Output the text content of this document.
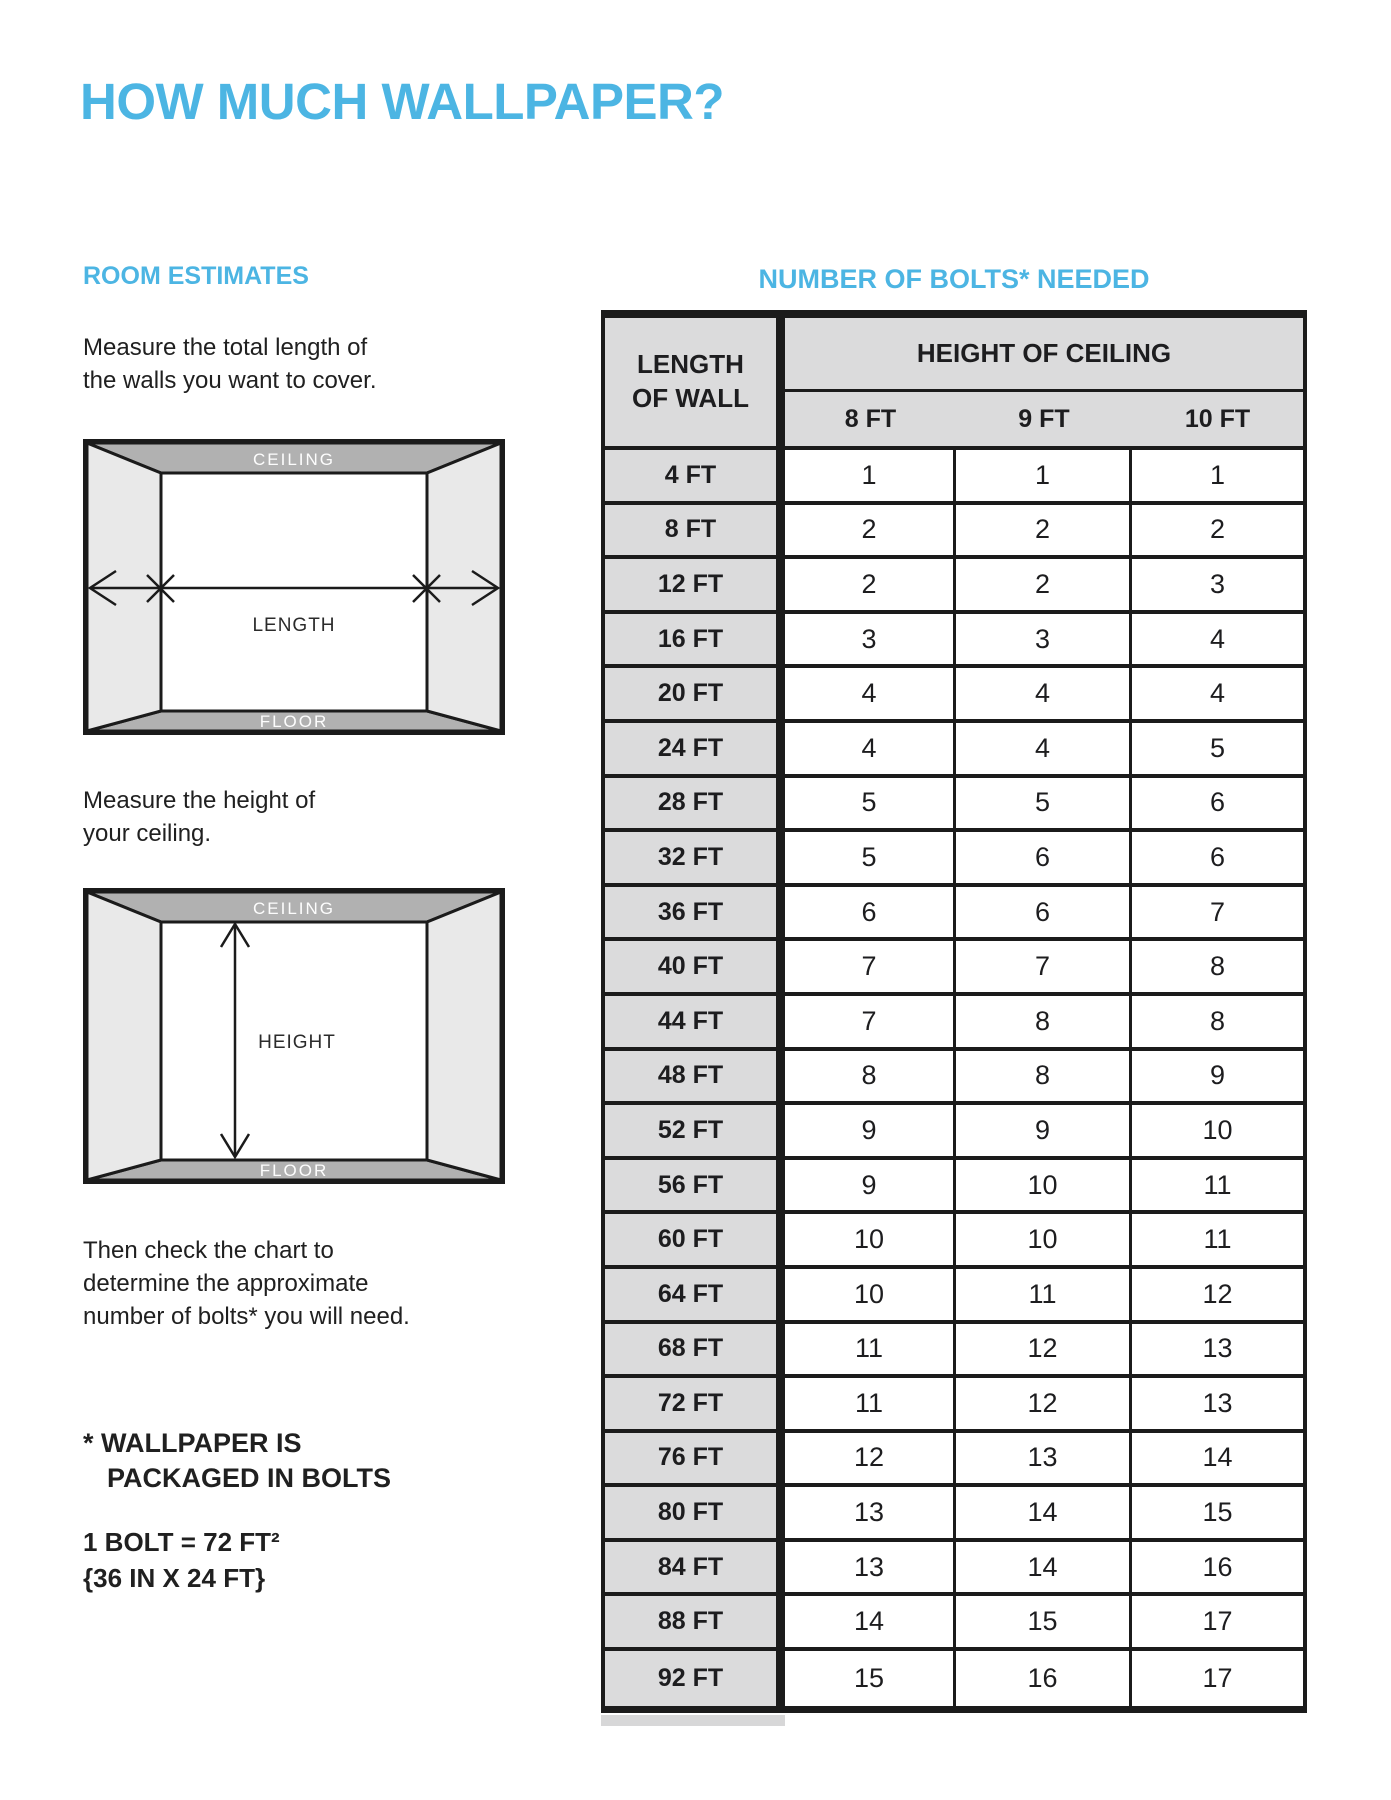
HOW MUCH WALLPAPER?
ROOM ESTIMATES
Measure the total length of
the walls you want to cover.
CEILING
FLOOR
LENGTH
Measure the height of
your ceiling.
CEILING
FLOOR
HEIGHT
Then check the chart to
determine the approximate
number of bolts* you will need.
* WALLPAPER IS
PACKAGED IN BOLTS
1 BOLT = 72 FT²
{36 IN X 24 FT}
NUMBER OF BOLTS* NEEDED
LENGTH
OF WALL
HEIGHT OF CEILING
8 FT	9 FT	10 FT
4 FT	1	1	1
8 FT	2	2	2
12 FT	2	2	3
16 FT	3	3	4
20 FT	4	4	4
24 FT	4	4	5
28 FT	5	5	6
32 FT	5	6	6
36 FT	6	6	7
40 FT	7	7	8
44 FT	7	8	8
48 FT	8	8	9
52 FT	9	9	10
56 FT	9	10	11
60 FT	10	10	11
64 FT	10	11	12
68 FT	11	12	13
72 FT	11	12	13
76 FT	12	13	14
80 FT	13	14	15
84 FT	13	14	16
88 FT	14	15	17
92 FT	15	16	17
